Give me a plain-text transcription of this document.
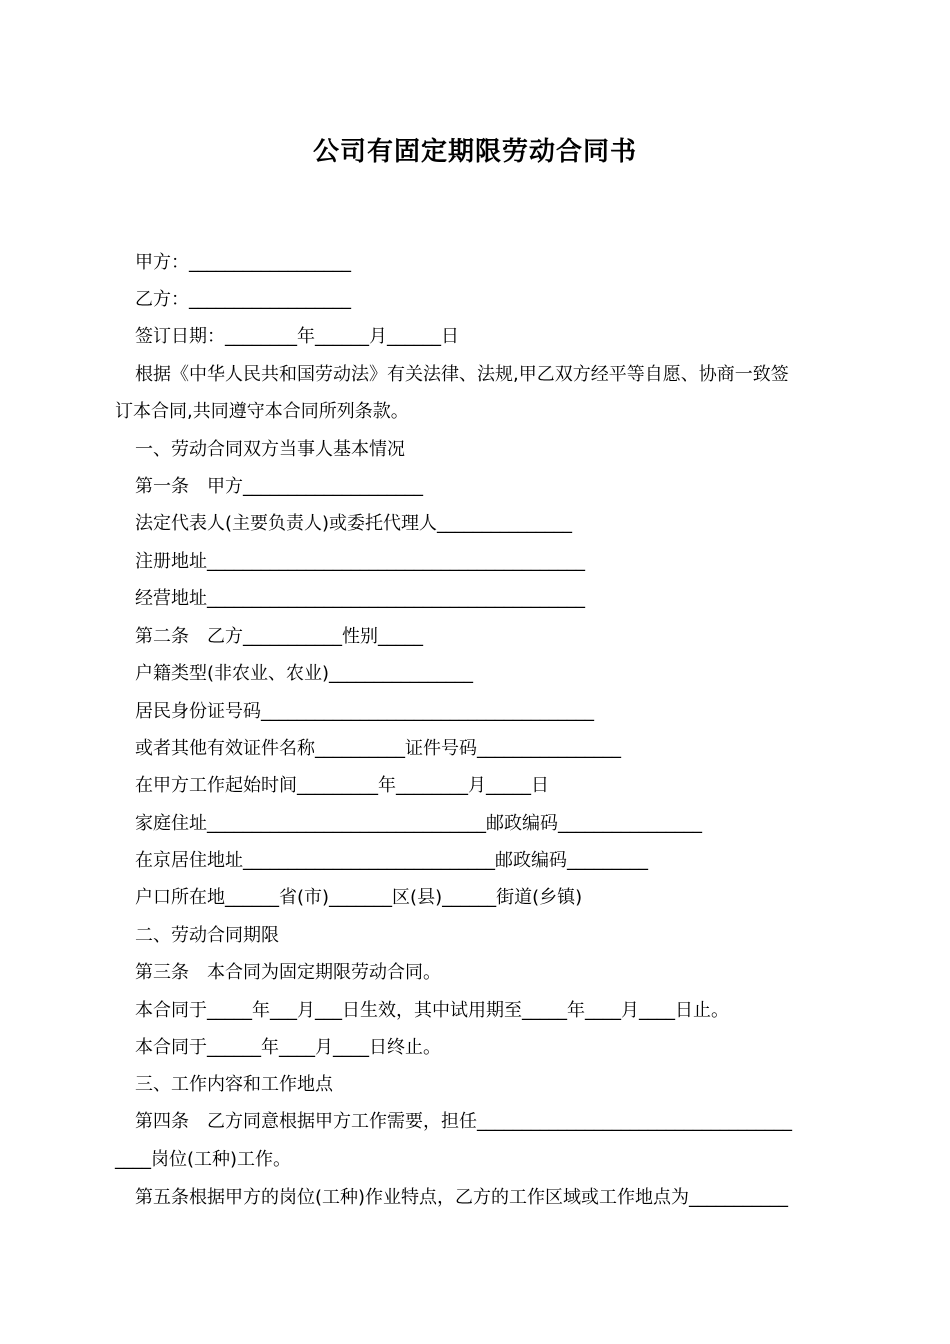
公司有固定期限劳动合同书
甲方：__________________
乙方：__________________
签订日期：________年______月______日
根据《中华人民共和国劳动法》有关法律、法规,甲乙双方经平等自愿、协商一致签
订本合同,共同遵守本合同所列条款。
一、劳动合同双方当事人基本情况
第一条　甲方____________________
法定代表人(主要负责人)或委托代理人_______________
注册地址__________________________________________
经营地址__________________________________________
第二条　乙方___________性别_____
户籍类型(非农业、农业)________________
居民身份证号码_____________________________________
或者其他有效证件名称__________证件号码________________
在甲方工作起始时间_________年________月_____日
家庭住址_______________________________邮政编码________________
在京居住地址____________________________邮政编码_________
户口所在地______省(市)_______区(县)______街道(乡镇)
二、劳动合同期限
第三条　本合同为固定期限劳动合同。
本合同于_____年___月___日生效，其中试用期至_____年____月____日止。
本合同于______年____月____日终止。
三、工作内容和工作地点
第四条　乙方同意根据甲方工作需要，担任___________________________________
____岗位(工种)工作。
第五条根据甲方的岗位(工种)作业特点，乙方的工作区域或工作地点为___________
